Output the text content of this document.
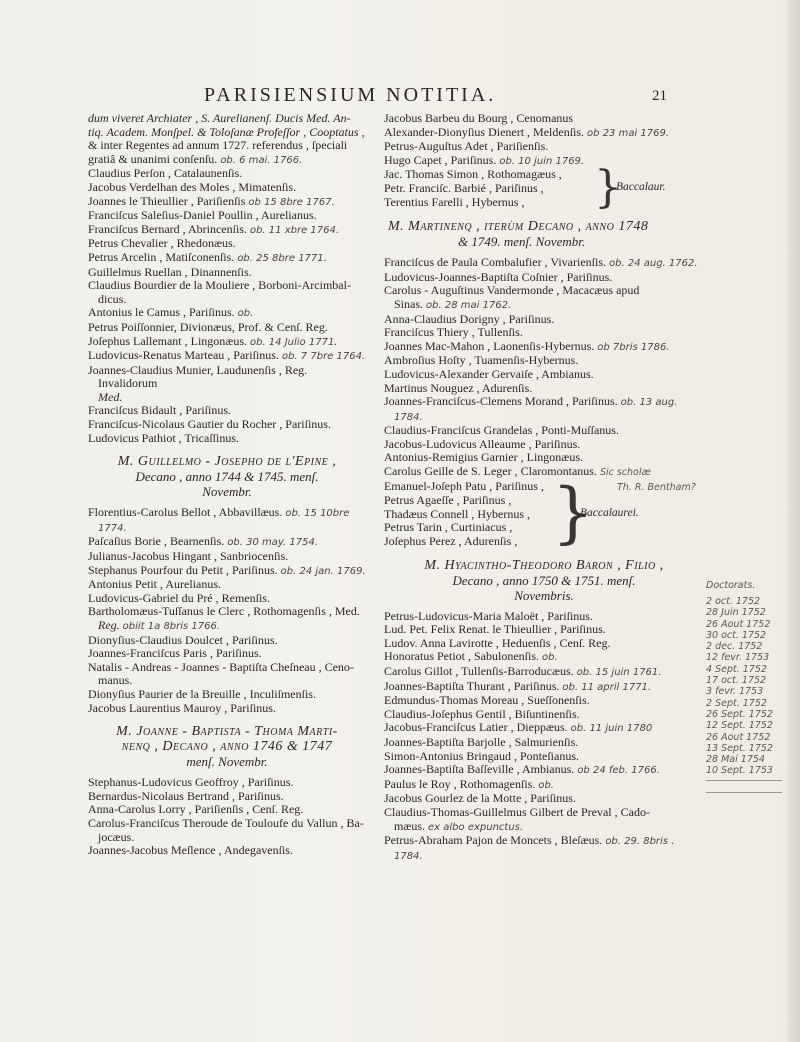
PARISIENSIUM NOTITIA.	21

dum viveret Archiater , S. Aurelianenſ. Ducis Med. An-

tiq. Academ. Monſpel. & Toloſanæ Profeſſor , Cooptatus ,

& inter Regentes ad annum 1727. referendus , ſpeciali

gratiâ & unanimi conſenſu. ob. 6 mai. 1766.

Claudius Perſon , Catalaunenſis.

Jacobus Verdelhan des Moles , Mimatenſis.

Joannes le Thieullier , Pariſienſis ob 15 8bre 1767.

Franciſcus Saleſius-Daniel Poullin , Aurelianus.

Franciſcus Bernard , Abrincenſis. ob. 11 xbre 1764.

Petrus Chevalier , Rhedonæus.

Petrus Arcelin , Matiſconenſis. ob. 25 8bre 1771.

Guillelmus Ruellan , Dinannenſis.

Claudius Bourdier de la Mouliere , Borboni-Arcimbal-

dicus.

Antonius le Camus , Pariſinus. ob.

Petrus Poiſſonnier, Divionæus, Prof. & Cenſ. Reg.

Joſephus Lallemant , Lingonæus. ob. 14 Julio 1771.

Ludovicus-Renatus Marteau , Pariſinus. ob. 7 7bre 1764.

Joannes-Claudius Munier, Laudunenſis , Reg. Invalidorum

Med.

Franciſcus Bidault , Pariſinus.

Franciſcus-Nicolaus Gautier du Rocher , Pariſinus.

Ludovicus Pathiot , Tricaſſinus.

M. Guillelmo - Josepho de l'Epine ,
Decano , anno 1744 & 1745. menſ.
Novembr.

Florentius-Carolus Bellot , Abbavillæus. ob. 15 10bre 1774.

Paſcaſius Borie , Bearnenſis. ob. 30 may. 1754.

Julianus-Jacobus Hingant , Sanbriocenſis.

Stephanus Pourfour du Petit , Pariſinus. ob. 24 jan. 1769.

Antonius Petit , Aurelianus.

Ludovicus-Gabriel du Pré , Remenſis.

Bartholomæus-Tuſſanus le Clerc , Rothomagenſis , Med.

Reg. obiit 1a 8bris 1766.

Dionyſius-Claudius Doulcet , Pariſinus.

Joannes-Franciſcus Paris , Pariſinus.

Natalis - Andreas - Joannes - Baptiſta Cheſneau , Ceno-

manus.

Dionyſius Paurier de la Breuille , Inculiſmenſis.

Jacobus Laurentius Mauroy , Pariſinus.

M. Joanne - Baptista - Thoma Marti-
nenq , Decano , anno 1746 & 1747
menſ. Novembr.

Stephanus-Ludovicus Geoffroy , Pariſinus.

Bernardus-Nicolaus Bertrand , Pariſinus.

Anna-Carolus Lorry , Pariſienſis , Cenſ. Reg.

Carolus-Franciſcus Theroude de Touloufe du Vallun , Ba-

jocæus.

Joannes-Jacobus Meſlence , Andegavenſis.

Jacobus Barbeu du Bourg , Cenomanus

Alexander-Dionyſius Dienert , Meldenſis. ob 23 mai 1769.

Petrus-Auguſtus Adet , Pariſienſis.

Hugo Capet , Pariſinus. ob. 10 juin 1769.

Jac. Thomas Simon , Rothomagæus ,

Petr. Franciſc. Barbié , Pariſinus ,

Terentius Farelli , Hybernus ,	}
Baccalaur.
M. Martinenq , iterùm Decano , anno 1748
& 1749. menſ. Novembr.

Franciſcus de Paula Combalufier , Vivarienſis. ob. 24 aug. 1762.

Ludovicus-Joannes-Baptiſta Coſnier , Pariſinus.

Carolus - Auguſtinus Vandermonde , Macacæus apud

Sinas. ob. 28 mai 1762.

Anna-Claudius Dorigny , Pariſinus.

Franciſcus Thiery , Tullenſis.

Joannes Mac-Mahon , Laonenſis-Hybernus. ob 7bris 1786.

Ambroſius Hoſty , Tuamenſis-Hybernus.

Ludovicus-Alexander Gervaiſe , Ambianus.

Martinus Nouguez , Adurenſis.

Joannes-Franciſcus-Clemens Morand , Pariſinus. ob. 13 aug. 1784.

Claudius-Franciſcus Grandelas , Ponti-Muſſanus.

Jacobus-Ludovicus Alleaume , Pariſinus.

Antonius-Remigius Garnier , Lingonæus.

Carolus Geille de S. Leger , Claromontanus. Sic scholæ

Emanuel-Joſeph Patu , Pariſinus ,	Th. R. Bentham?

Petrus Agaeſſe , Pariſinus ,

Thadæus Connell , Hybernus ,

Petrus Tarin , Curtiniacus ,

Joſephus Perez , Adurenſis , }
Baccalaurei.
M. Hyacintho-Theodoro Baron , Filio ,
Decano , anno 1750 & 1751. menſ.
Novembris.
Doctorats.

Petrus-Ludovicus-Maria Maloët , Pariſinus.

Lud. Pet. Felix Renat. le Thieullier , Pariſinus.

Ludov. Anna Lavirotte , Heduenſis , Cenſ. Reg.

Honoratus Petiot , Sabulonenſis. ob.

Carolus Gillot , Tullenſis-Barroducæus. ob. 15 juin 1761.

Joannes-Baptiſta Thurant , Pariſinus. ob. 11 april 1771.

Edmundus-Thomas Moreau , Sueſſonenſis.

Claudius-Joſephus Gentil , Biſuntinenſis.

Jacobus-Franciſcus Latier , Dieppæus. ob. 11 juin 1780

Joannes-Baptiſta Barjolle , Salmurienſis.

Simon-Antonius Bringaud , Ponteſianus.

Joannes-Baptiſta Baſſeville , Ambianus. ob 24 feb. 1766.

Paulus le Roy , Rothomagenſis. ob.

Jacobus Gourlez de la Motte , Pariſinus.

Claudius-Thomas-Guillelmus Gilbert de Preval , Cado-

mæus. ex albo expunctus.

Petrus-Abraham Pajon de Moncets , Bleſæus. ob. 29. 8bris . 1784.

2 oct. 1752
28 Juin 1752
26 Aout 1752
30 oct. 1752
2 dec. 1752
12 fevr. 1753
4 Sept. 1752
17 oct. 1752
3 fevr. 1753
2 Sept. 1752
26 Sept. 1752
12 Sept. 1752
26 Aout 1752
13 Sept. 1752
28 Mai 1754
10 Sept. 1753
